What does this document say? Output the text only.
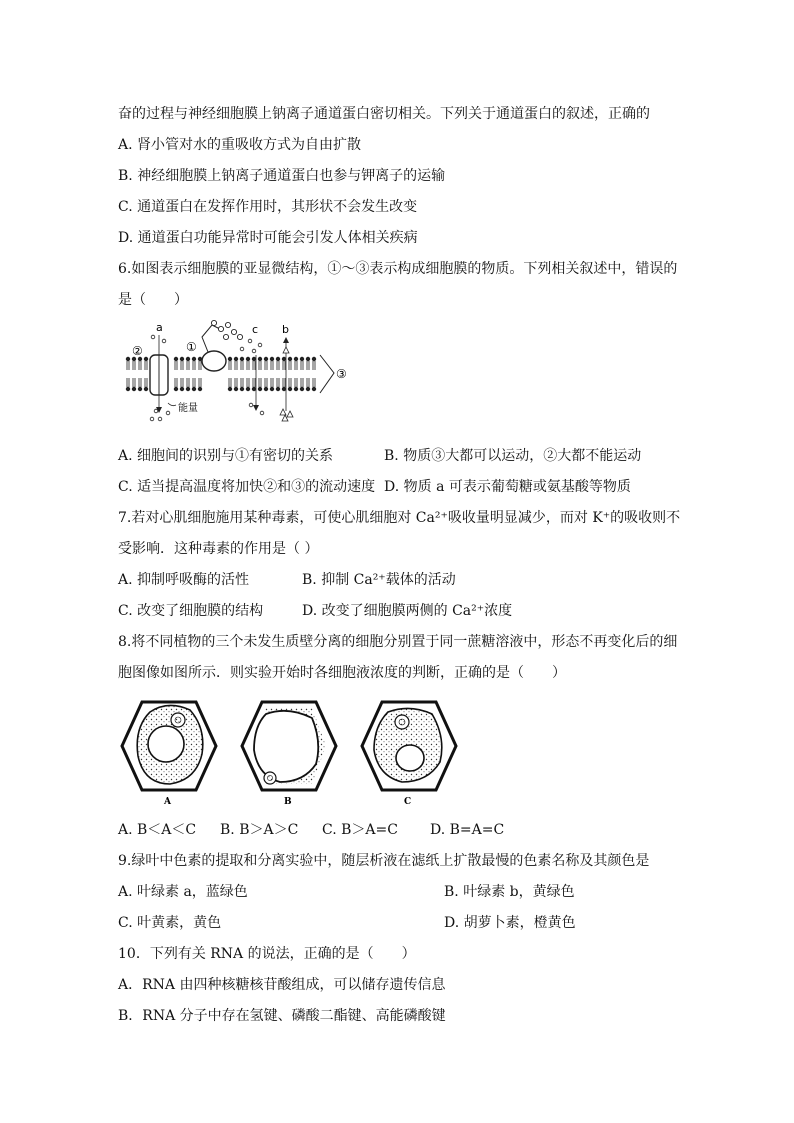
奋的过程与神经细胞膜上钠离子通道蛋白密切相关。下列关于通道蛋白的叙述，正确的
A. 肾小管对水的重吸收方式为自由扩散
B. 神经细胞膜上钠离子通道蛋白也参与钾离子的运输
C. 通道蛋白在发挥作用时，其形状不会发生改变
D. 通道蛋白功能异常时可能会引发人体相关疾病
6.如图表示细胞膜的亚显微结构，①～③表示构成细胞膜的物质。下列相关叙述中，错误的
是（　　）
a	c b
①
②
③
能量
A. 细胞间的识别与①有密切的关系	B. 物质③大都可以运动，②大都不能运动
C. 适当提高温度将加快②和③的流动速度 D. 物质 a 可表示葡萄糖或氨基酸等物质
7.若对心肌细胞施用某种毒素，可使心肌细胞对 Ca²⁺吸收量明显减少，而对 K⁺的吸收则不
受影响．这种毒素的作用是（ ）
A. 抑制呼吸酶的活性	B. 抑制 Ca²⁺载体的活动
C. 改变了细胞膜的结构	D. 改变了细胞膜两侧的 Ca²⁺浓度
8.将不同植物的三个未发生质壁分离的细胞分别置于同一蔗糖溶液中，形态不再变化后的细
胞图像如图所示．则实验开始时各细胞液浓度的判断，正确的是（　　）
A	B	C
A. B＜A＜C B. B＞A＞C C. B＞A=C D. B=A=C
9.绿叶中色素的提取和分离实验中，随层析液在滤纸上扩散最慢的色素名称及其颜色是
A. 叶绿素 a，蓝绿色	B. 叶绿素 b，黄绿色
C. 叶黄素，黄色	D. 胡萝卜素，橙黄色
10．下列有关 RNA 的说法，正确的是（　　）
A．RNA 由四种核糖核苷酸组成，可以储存遗传信息
B．RNA 分子中存在氢键、磷酸二酯键、高能磷酸键
